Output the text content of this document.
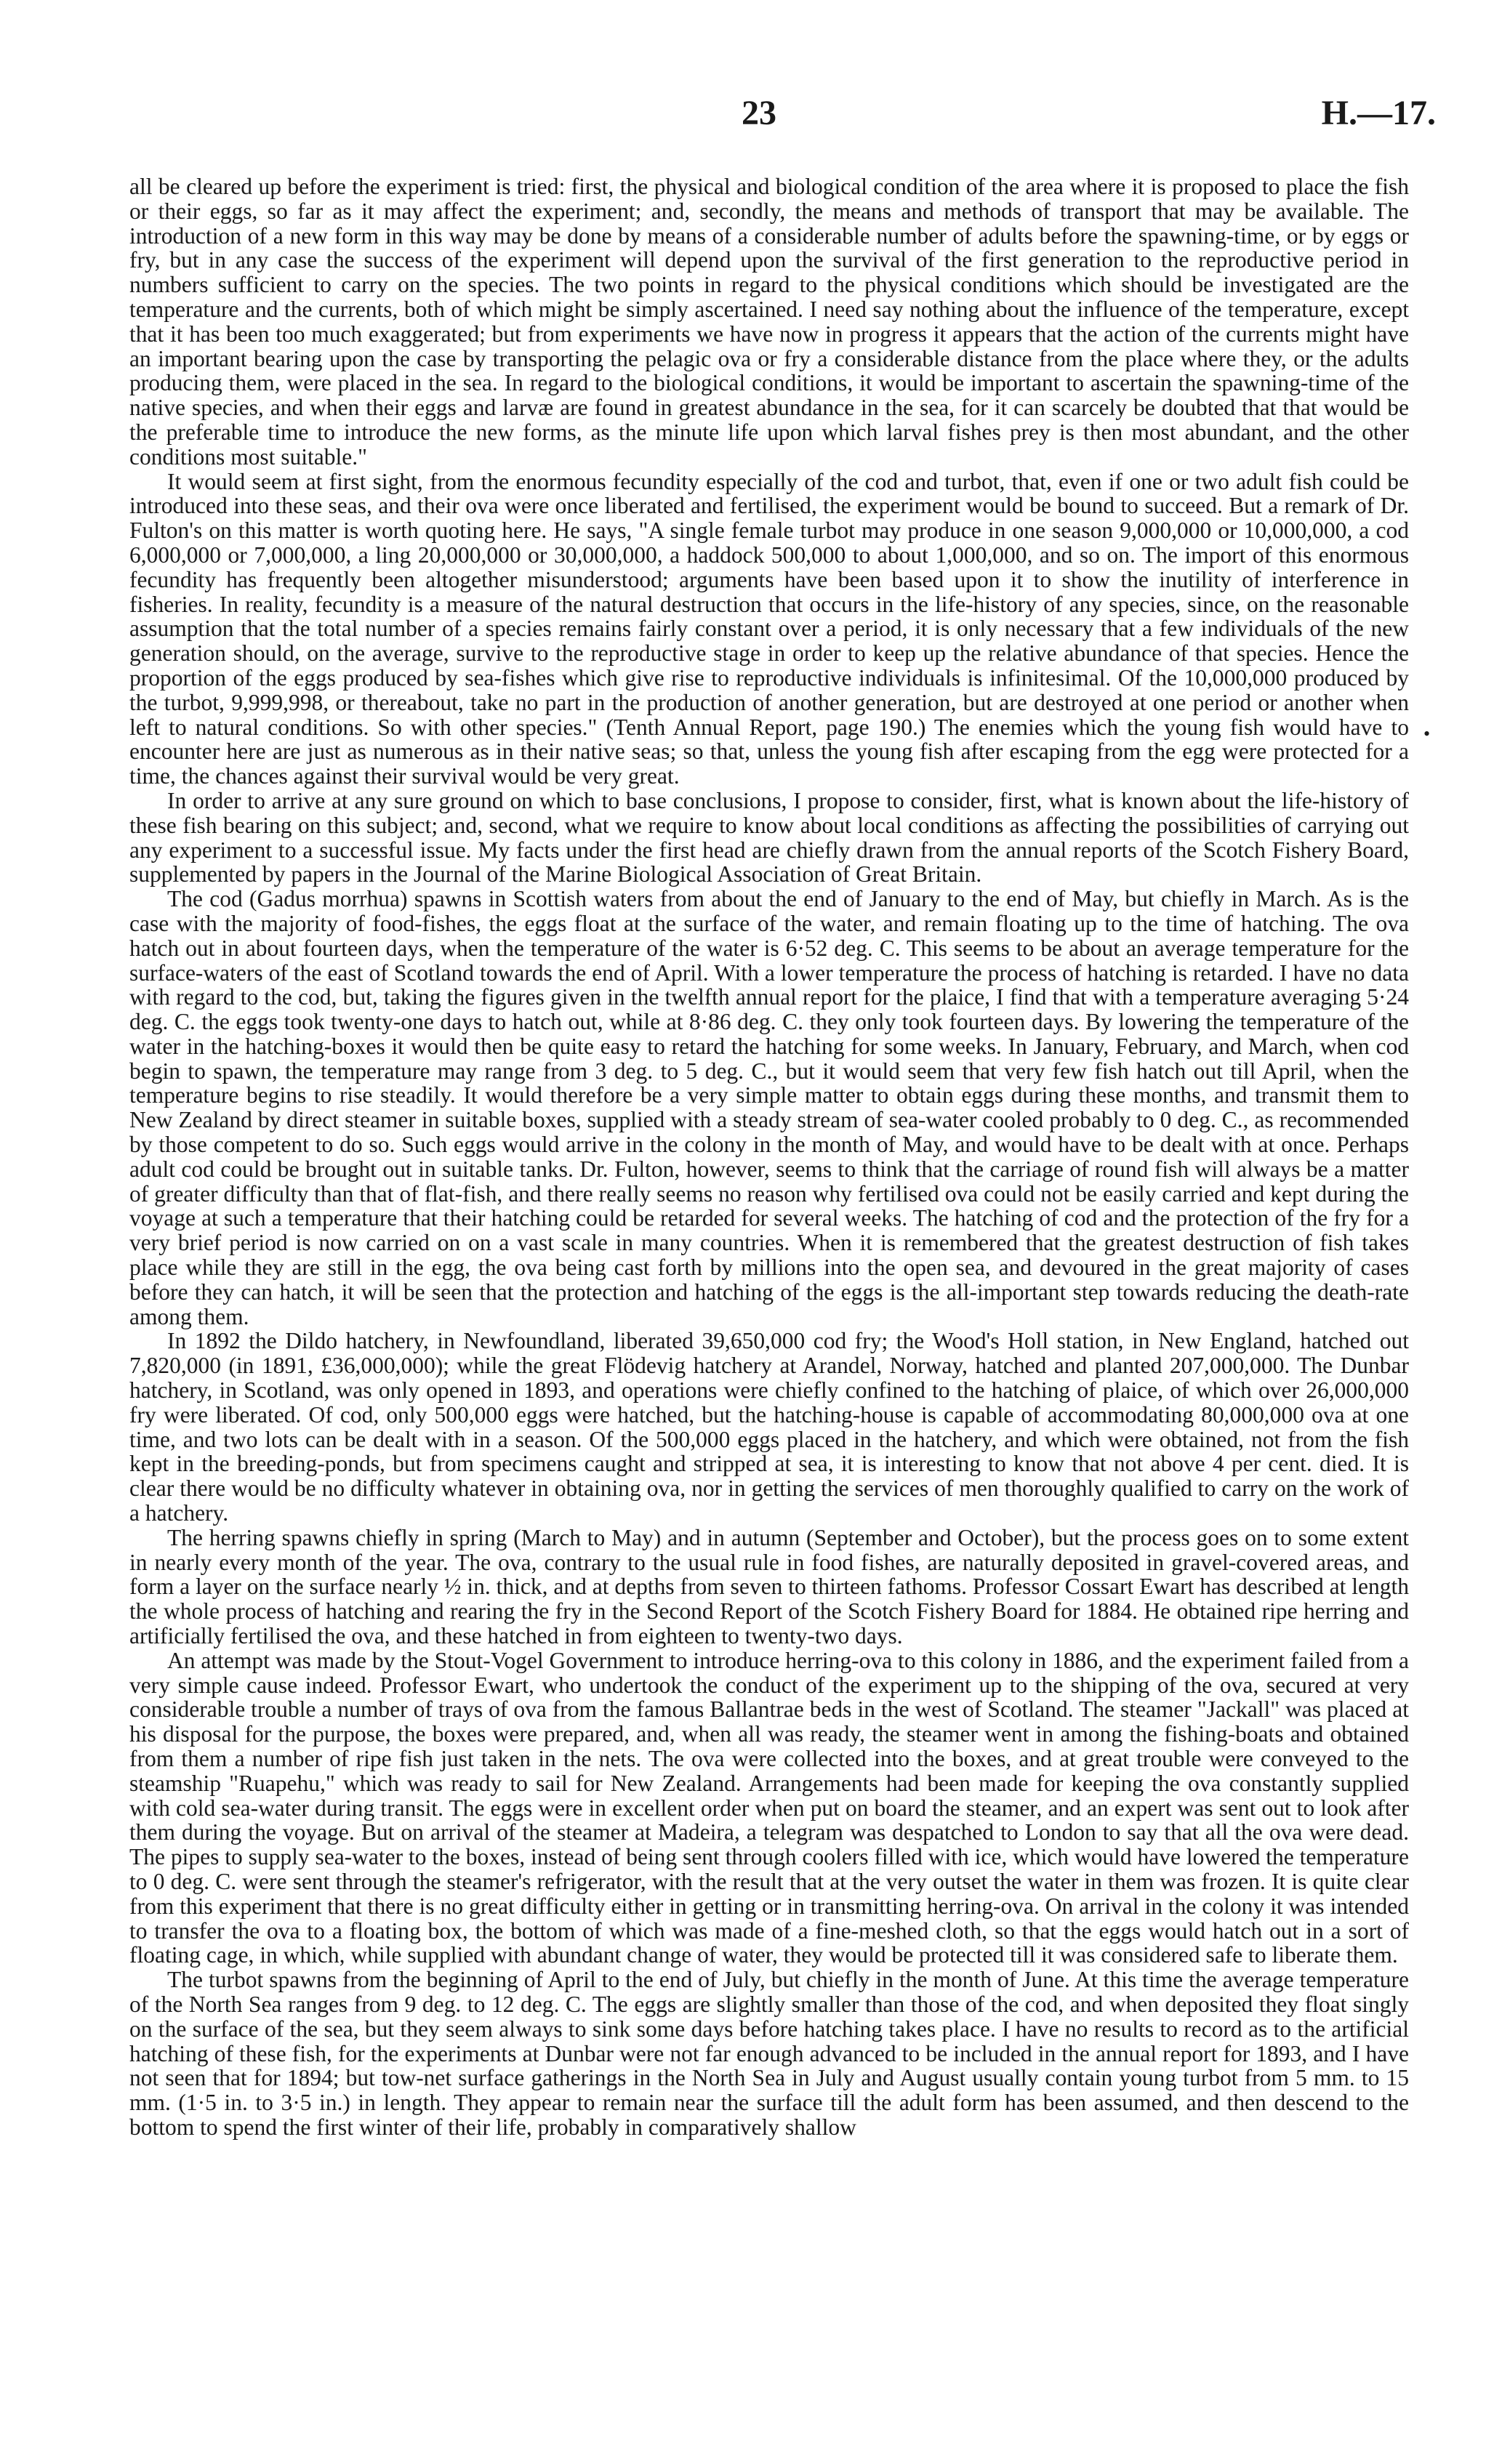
23	H.—17.

all be cleared up before the experiment is tried: first, the physical and biological condition of the area where it is proposed to place the fish or their eggs, so far as it may affect the experiment; and, secondly, the means and methods of transport that may be available. The introduction of a new form in this way may be done by means of a considerable number of adults before the spawning-time, or by eggs or fry, but in any case the success of the experiment will depend upon the survival of the first generation to the reproductive period in numbers sufficient to carry on the species. The two points in regard to the physical conditions which should be investigated are the temperature and the currents, both of which might be simply ascertained. I need say nothing about the influence of the temperature, except that it has been too much exaggerated; but from experiments we have now in progress it appears that the action of the currents might have an important bearing upon the case by transporting the pelagic ova or fry a considerable distance from the place where they, or the adults producing them, were placed in the sea. In regard to the biological conditions, it would be important to ascertain the spawning-time of the native species, and when their eggs and larvæ are found in greatest abundance in the sea, for it can scarcely be doubted that that would be the preferable time to introduce the new forms, as the minute life upon which larval fishes prey is then most abundant, and the other conditions most suitable."

It would seem at first sight, from the enormous fecundity especially of the cod and turbot, that, even if one or two adult fish could be introduced into these seas, and their ova were once liberated and fertilised, the experiment would be bound to succeed. But a remark of Dr. Fulton's on this matter is worth quoting here. He says, "A single female turbot may produce in one season 9,000,000 or 10,000,000, a cod 6,000,000 or 7,000,000, a ling 20,000,000 or 30,000,000, a haddock 500,000 to about 1,000,000, and so on. The import of this enormous fecundity has frequently been altogether misunderstood; arguments have been based upon it to show the inutility of interference in fisheries. In reality, fecundity is a measure of the natural destruction that occurs in the life-history of any species, since, on the reasonable assumption that the total number of a species remains fairly constant over a period, it is only necessary that a few individuals of the new generation should, on the average, survive to the reproductive stage in order to keep up the relative abundance of that species. Hence the proportion of the eggs produced by sea-fishes which give rise to reproductive individuals is infinitesimal. Of the 10,000,000 produced by the turbot, 9,999,998, or thereabout, take no part in the production of another generation, but are destroyed at one period or another when left to natural conditions. So with other species." (Tenth Annual Report, page 190.) The enemies which the young fish would have to encounter here are just as numerous as in their native seas; so that, unless the young fish after escaping from the egg were protected for a time, the chances against their survival would be very great.

In order to arrive at any sure ground on which to base conclusions, I propose to consider, first, what is known about the life-history of these fish bearing on this subject; and, second, what we require to know about local conditions as affecting the possibilities of carrying out any experiment to a successful issue. My facts under the first head are chiefly drawn from the annual reports of the Scotch Fishery Board, supplemented by papers in the Journal of the Marine Biological Association of Great Britain.

The cod (Gadus morrhua) spawns in Scottish waters from about the end of January to the end of May, but chiefly in March. As is the case with the majority of food-fishes, the eggs float at the surface of the water, and remain floating up to the time of hatching. The ova hatch out in about fourteen days, when the temperature of the water is 6·52 deg. C. This seems to be about an average temperature for the surface-waters of the east of Scotland towards the end of April. With a lower temperature the process of hatching is retarded. I have no data with regard to the cod, but, taking the figures given in the twelfth annual report for the plaice, I find that with a temperature averaging 5·24 deg. C. the eggs took twenty-one days to hatch out, while at 8·86 deg. C. they only took fourteen days. By lowering the temperature of the water in the hatching-boxes it would then be quite easy to retard the hatching for some weeks. In January, February, and March, when cod begin to spawn, the temperature may range from 3 deg. to 5 deg. C., but it would seem that very few fish hatch out till April, when the temperature begins to rise steadily. It would therefore be a very simple matter to obtain eggs during these months, and transmit them to New Zealand by direct steamer in suitable boxes, supplied with a steady stream of sea-water cooled probably to 0 deg. C., as recommended by those competent to do so. Such eggs would arrive in the colony in the month of May, and would have to be dealt with at once. Perhaps adult cod could be brought out in suitable tanks. Dr. Fulton, however, seems to think that the carriage of round fish will always be a matter of greater difficulty than that of flat-fish, and there really seems no reason why fertilised ova could not be easily carried and kept during the voyage at such a temperature that their hatching could be retarded for several weeks. The hatching of cod and the protection of the fry for a very brief period is now carried on on a vast scale in many countries. When it is remembered that the greatest destruction of fish takes place while they are still in the egg, the ova being cast forth by millions into the open sea, and devoured in the great majority of cases before they can hatch, it will be seen that the protection and hatching of the eggs is the all-important step towards reducing the death-rate among them.

In 1892 the Dildo hatchery, in Newfoundland, liberated 39,650,000 cod fry; the Wood's Holl station, in New England, hatched out 7,820,000 (in 1891, £36,000,000); while the great Flödevig hatchery at Arandel, Norway, hatched and planted 207,000,000. The Dunbar hatchery, in Scotland, was only opened in 1893, and operations were chiefly confined to the hatching of plaice, of which over 26,000,000 fry were liberated. Of cod, only 500,000 eggs were hatched, but the hatching-house is capable of accommodating 80,000,000 ova at one time, and two lots can be dealt with in a season. Of the 500,000 eggs placed in the hatchery, and which were obtained, not from the fish kept in the breeding-ponds, but from specimens caught and stripped at sea, it is interesting to know that not above 4 per cent. died. It is clear there would be no difficulty whatever in obtaining ova, nor in getting the services of men thoroughly qualified to carry on the work of a hatchery.

The herring spawns chiefly in spring (March to May) and in autumn (September and October), but the process goes on to some extent in nearly every month of the year. The ova, contrary to the usual rule in food fishes, are naturally deposited in gravel-covered areas, and form a layer on the surface nearly ½ in. thick, and at depths from seven to thirteen fathoms. Professor Cossart Ewart has described at length the whole process of hatching and rearing the fry in the Second Report of the Scotch Fishery Board for 1884. He obtained ripe herring and artificially fertilised the ova, and these hatched in from eighteen to twenty-two days.

An attempt was made by the Stout-Vogel Government to introduce herring-ova to this colony in 1886, and the experiment failed from a very simple cause indeed. Professor Ewart, who undertook the conduct of the experiment up to the shipping of the ova, secured at very considerable trouble a number of trays of ova from the famous Ballantrae beds in the west of Scotland. The steamer "Jackall" was placed at his disposal for the purpose, the boxes were prepared, and, when all was ready, the steamer went in among the fishing-boats and obtained from them a number of ripe fish just taken in the nets. The ova were collected into the boxes, and at great trouble were conveyed to the steamship "Ruapehu," which was ready to sail for New Zealand. Arrangements had been made for keeping the ova constantly supplied with cold sea-water during transit. The eggs were in excellent order when put on board the steamer, and an expert was sent out to look after them during the voyage. But on arrival of the steamer at Madeira, a telegram was despatched to London to say that all the ova were dead. The pipes to supply sea-water to the boxes, instead of being sent through coolers filled with ice, which would have lowered the temperature to 0 deg. C. were sent through the steamer's refrigerator, with the result that at the very outset the water in them was frozen. It is quite clear from this experiment that there is no great difficulty either in getting or in transmitting herring-ova. On arrival in the colony it was intended to transfer the ova to a floating box, the bottom of which was made of a fine-meshed cloth, so that the eggs would hatch out in a sort of floating cage, in which, while supplied with abundant change of water, they would be protected till it was considered safe to liberate them.

The turbot spawns from the beginning of April to the end of July, but chiefly in the month of June. At this time the average temperature of the North Sea ranges from 9 deg. to 12 deg. C. The eggs are slightly smaller than those of the cod, and when deposited they float singly on the surface of the sea, but they seem always to sink some days before hatching takes place. I have no results to record as to the artificial hatching of these fish, for the experiments at Dunbar were not far enough advanced to be included in the annual report for 1893, and I have not seen that for 1894; but tow-net surface gatherings in the North Sea in July and August usually contain young turbot from 5 mm. to 15 mm. (1·5 in. to 3·5 in.) in length. They appear to remain near the surface till the adult form has been assumed, and then descend to the bottom to spend the first winter of their life, probably in comparatively shallow

•
